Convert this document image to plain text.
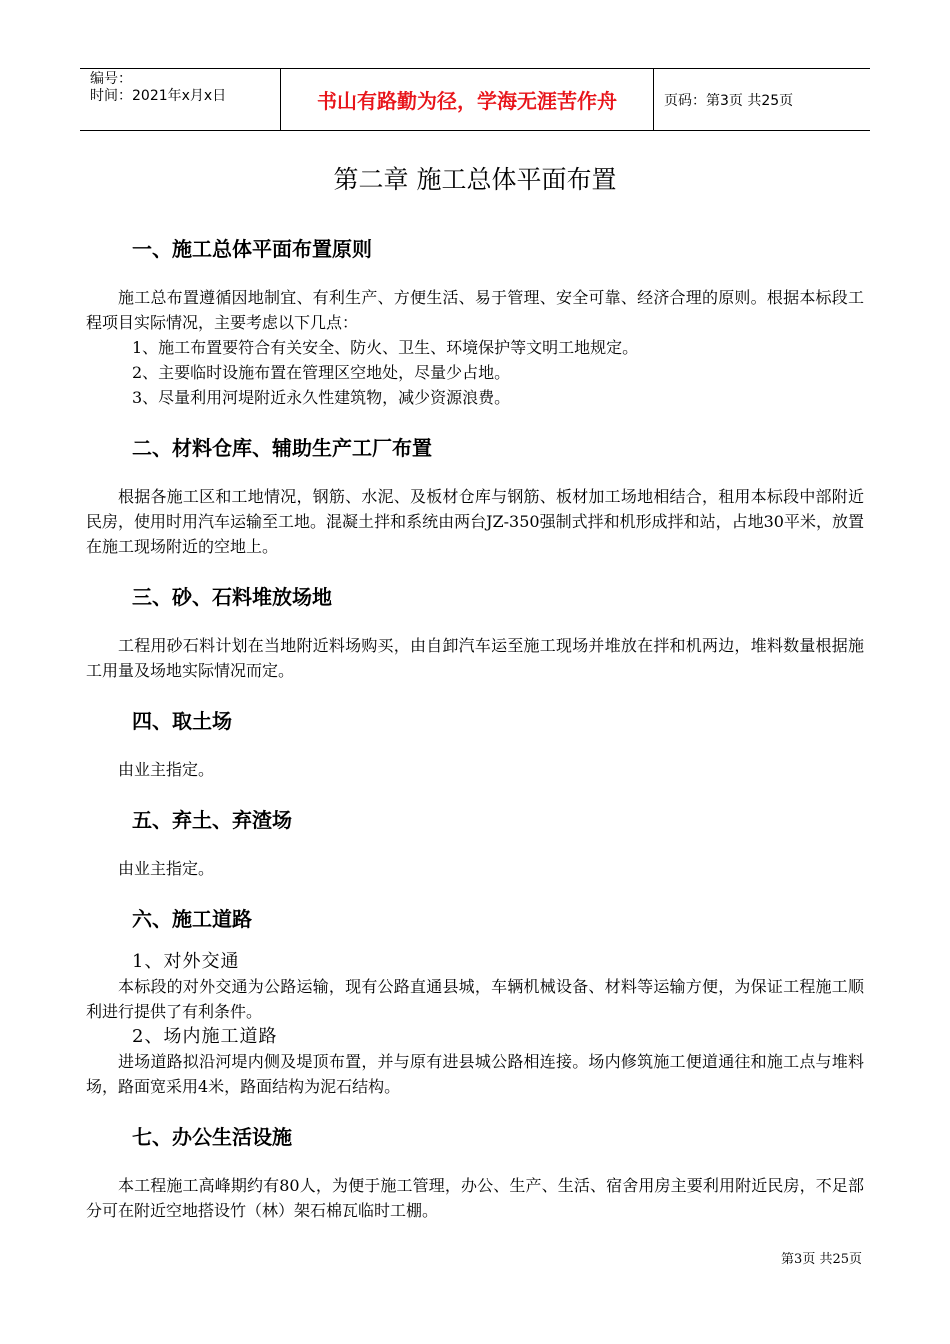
编号：
时间：2021年x月x日	书山有路勤为径，学海无涯苦作舟	页码：第3页 共25页
第二章 施工总体平面布置
一、施工总体平面布置原则

施工总布置遵循因地制宜、有利生产、方便生活、易于管理、安全可靠、经济合理的原则。根据本标段工程项目实际情况，主要考虑以下几点：

1、施工布置要符合有关安全、防火、卫生、环境保护等文明工地规定。

2、主要临时设施布置在管理区空地处，尽量少占地。

3、尽量利用河堤附近永久性建筑物，减少资源浪费。

二、材料仓库、辅助生产工厂布置

根据各施工区和工地情况，钢筋、水泥、及板材仓库与钢筋、板材加工场地相结合，租用本标段中部附近民房，使用时用汽车运输至工地。混凝土拌和系统由两台JZ-350强制式拌和机形成拌和站，占地30平米，放置在施工现场附近的空地上。

三、砂、石料堆放场地

工程用砂石料计划在当地附近料场购买，由自卸汽车运至施工现场并堆放在拌和机两边，堆料数量根据施工用量及场地实际情况而定。

四、取土场

由业主指定。

五、弃土、弃渣场

由业主指定。

六、施工道路

1、对外交通

本标段的对外交通为公路运输，现有公路直通县城，车辆机械设备、材料等运输方便，为保证工程施工顺利进行提供了有利条件。

2、场内施工道路

进场道路拟沿河堤内侧及堤顶布置，并与原有进县城公路相连接。场内修筑施工便道通往和施工点与堆料场，路面宽采用4米，路面结构为泥石结构。

七、办公生活设施

本工程施工高峰期约有80人，为便于施工管理，办公、生产、生活、宿舍用房主要利用附近民房，不足部分可在附近空地搭设竹（林）架石棉瓦临时工棚。

第3页 共25页
